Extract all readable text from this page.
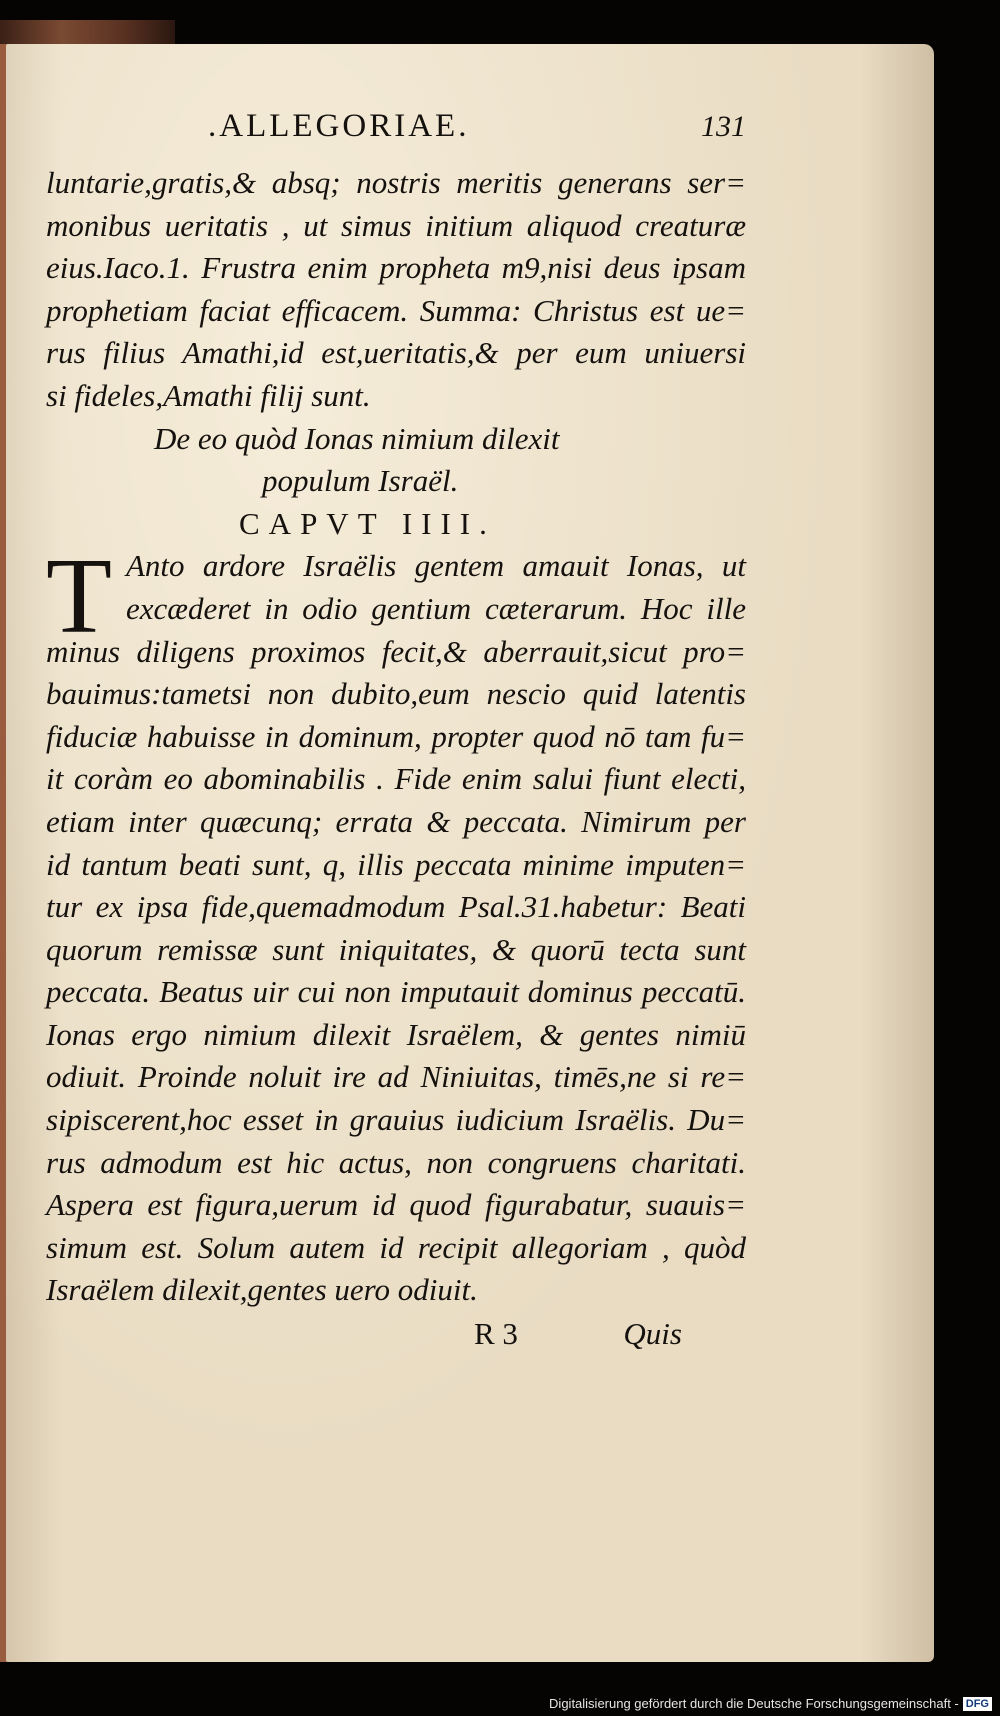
.ALLEGORIAE.	131
luntarie,gratis,& absq; nostris meritis generans ser=
monibus ueritatis , ut simus initium aliquod creaturæ
eius.Iaco.1. Frustra enim propheta m9,nisi deus ipsam
prophetiam faciat efficacem. Summa: Christus est ue=
rus filius Amathi,id est,ueritatis,& per eum uniuersi
si fideles,Amathi filij sunt.
De eo quòd Ionas nimium dilexit
populum Israël.
CAPVT IIII.
T Anto ardore Israëlis gentem amauit Ionas, ut
excæderet in odio gentium cæterarum. Hoc ille
minus diligens proximos fecit,& aberrauit,sicut pro=
bauimus:tametsi non dubito,eum nescio quid latentis
fiduciæ habuisse in dominum, propter quod nō tam fu=
it coràm eo abominabilis . Fide enim salui fiunt electi,
etiam inter quæcunq; errata & peccata. Nimirum per
id tantum beati sunt, q, illis peccata minime imputen=
tur ex ipsa fide,quemadmodum Psal.31.habetur: Beati
quorum remissæ sunt iniquitates, & quorū tecta sunt
peccata. Beatus uir cui non imputauit dominus peccatū.
Ionas ergo nimium dilexit Israëlem, & gentes nimiū
odiuit. Proinde noluit ire ad Niniuitas, timēs,ne si re=
sipiscerent,hoc esset in grauius iudicium Israëlis. Du=
rus admodum est hic actus, non congruens charitati.
Aspera est figura,uerum id quod figurabatur, suauis=
simum est. Solum autem id recipit allegoriam , quòd
Israëlem dilexit,gentes uero odiuit.
R 3	Quis
Digitalisierung gefördert durch die Deutsche Forschungsgemeinschaft - DFG
